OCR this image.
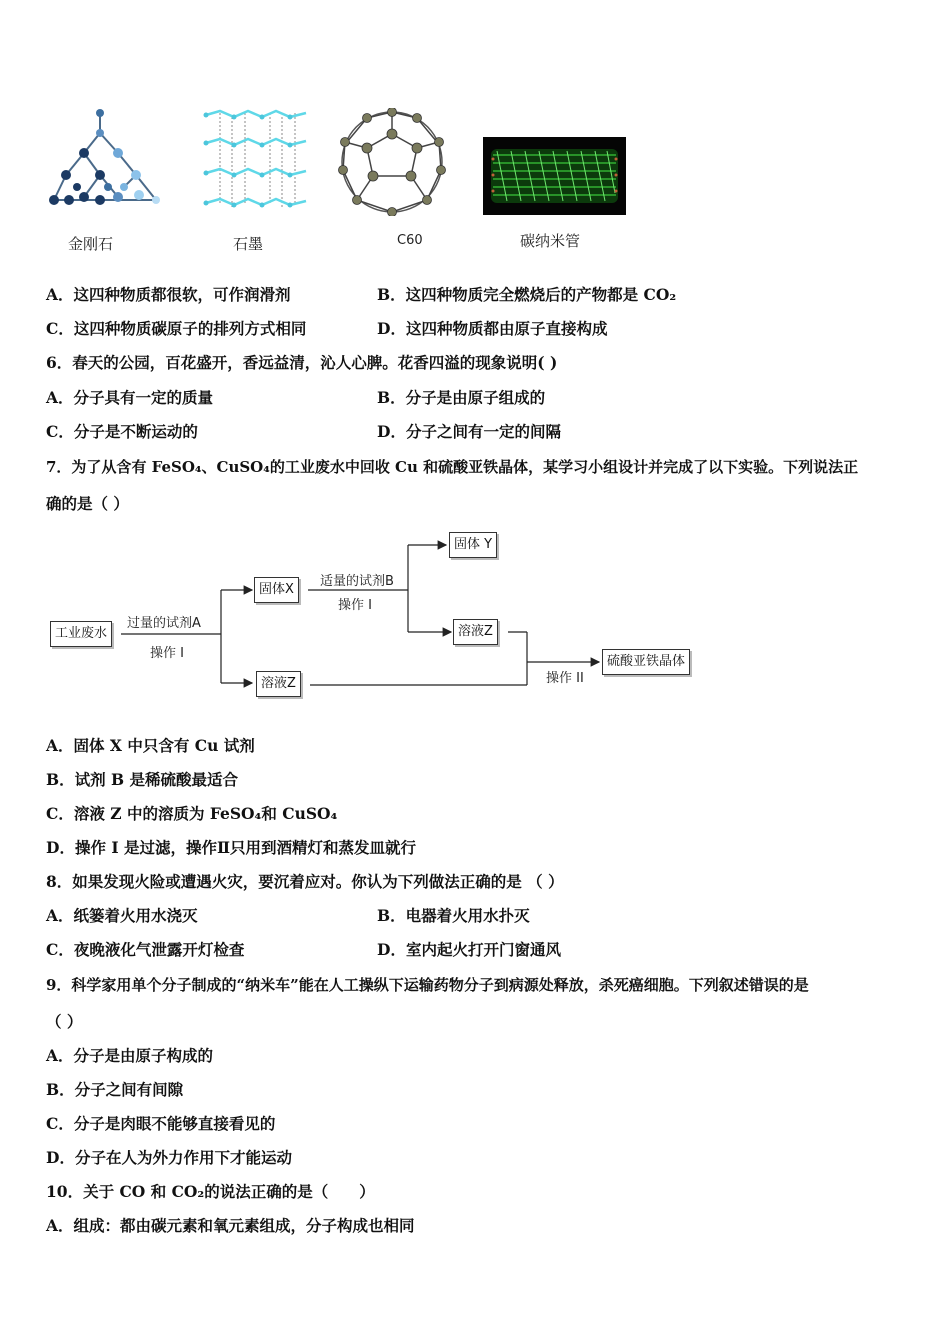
金刚石	石墨	C60	碳纳米管
A．这四种物质都很软，可作润滑剂	B．这四种物质完全燃烧后的产物都是 CO₂
C．这四种物质碳原子的排列方式相同	D．这四种物质都由原子直接构成
6．春天的公园，百花盛开，香远益清，沁人心脾。花香四溢的现象说明( )
A．分子具有一定的质量	B．分子是由原子组成的
C．分子是不断运动的	D．分子之间有一定的间隔
7．为了从含有 FeSO₄、CuSO₄的工业废水中回收 Cu 和硫酸亚铁晶体，某学习小组设计并完成了以下实验。下列说法正
确的是（ ）
工业废水
过量的试剂A
操作 I
固体X
适量的试剂B
操作 I
固体 Y
溶液Z
溶液Z	操作 II
硫酸亚铁晶体
A．固体 X 中只含有 Cu 试剂
B．试剂 B 是稀硫酸最适合
C．溶液 Z 中的溶质为 FeSO₄和 CuSO₄
D．操作 I 是过滤，操作Ⅱ只用到酒精灯和蒸发皿就行
8．如果发现火险或遭遇火灾，要沉着应对。你认为下列做法正确的是 （ ）
A．纸篓着火用水浇灭	B．电器着火用水扑灭
C．夜晚液化气泄露开灯检查	D．室内起火打开门窗通风
9．科学家用单个分子制成的“纳米车”能在人工操纵下运输药物分子到病源处释放，杀死癌细胞。下列叙述错误的是
（ ）
A．分子是由原子构成的
B．分子之间有间隙
C．分子是肉眼不能够直接看见的
D．分子在人为外力作用下才能运动
10．关于 CO 和 CO₂的说法正确的是（　　）
A．组成：都由碳元素和氧元素组成，分子构成也相同
